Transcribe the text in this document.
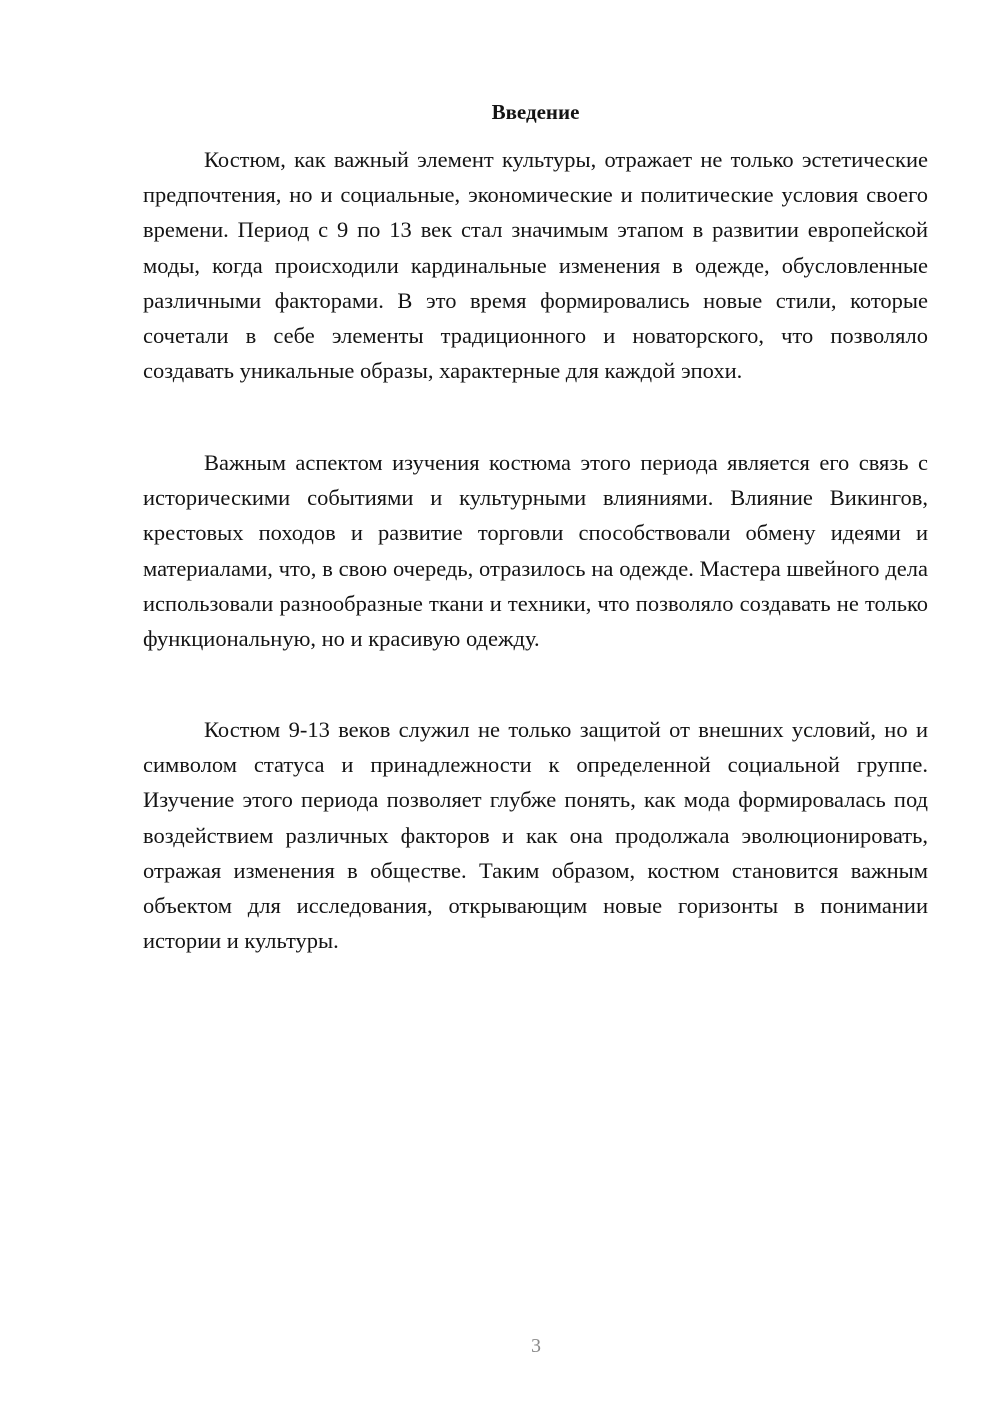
Введение

Костюм, как важный элемент культуры, отражает не только эстетические предпочтения, но и социальные, экономические и политические условия своего времени. Период с 9 по 13 век стал значимым этапом в развитии европейской моды, когда происходили кардинальные изменения в одежде, обусловленные различными факторами. В это время формировались новые стили, которые сочетали в себе элементы традиционного и новаторского, что позволяло создавать уникальные образы, характерные для каждой эпохи.

Важным аспектом изучения костюма этого периода является его связь с историческими событиями и культурными влияниями. Влияние Викингов, крестовых походов и развитие торговли способствовали обмену идеями и материалами, что, в свою очередь, отразилось на одежде. Мастера швейного дела использовали разнообразные ткани и техники, что позволяло создавать не только функциональную, но и красивую одежду.

Костюм 9-13 веков служил не только защитой от внешних условий, но и символом статуса и принадлежности к определенной социальной группе. Изучение этого периода позволяет глубже понять, как мода формировалась под воздействием различных факторов и как она продолжала эволюционировать, отражая изменения в обществе. Таким образом, костюм становится важным объектом для исследования, открывающим новые горизонты в понимании истории и культуры.

3
